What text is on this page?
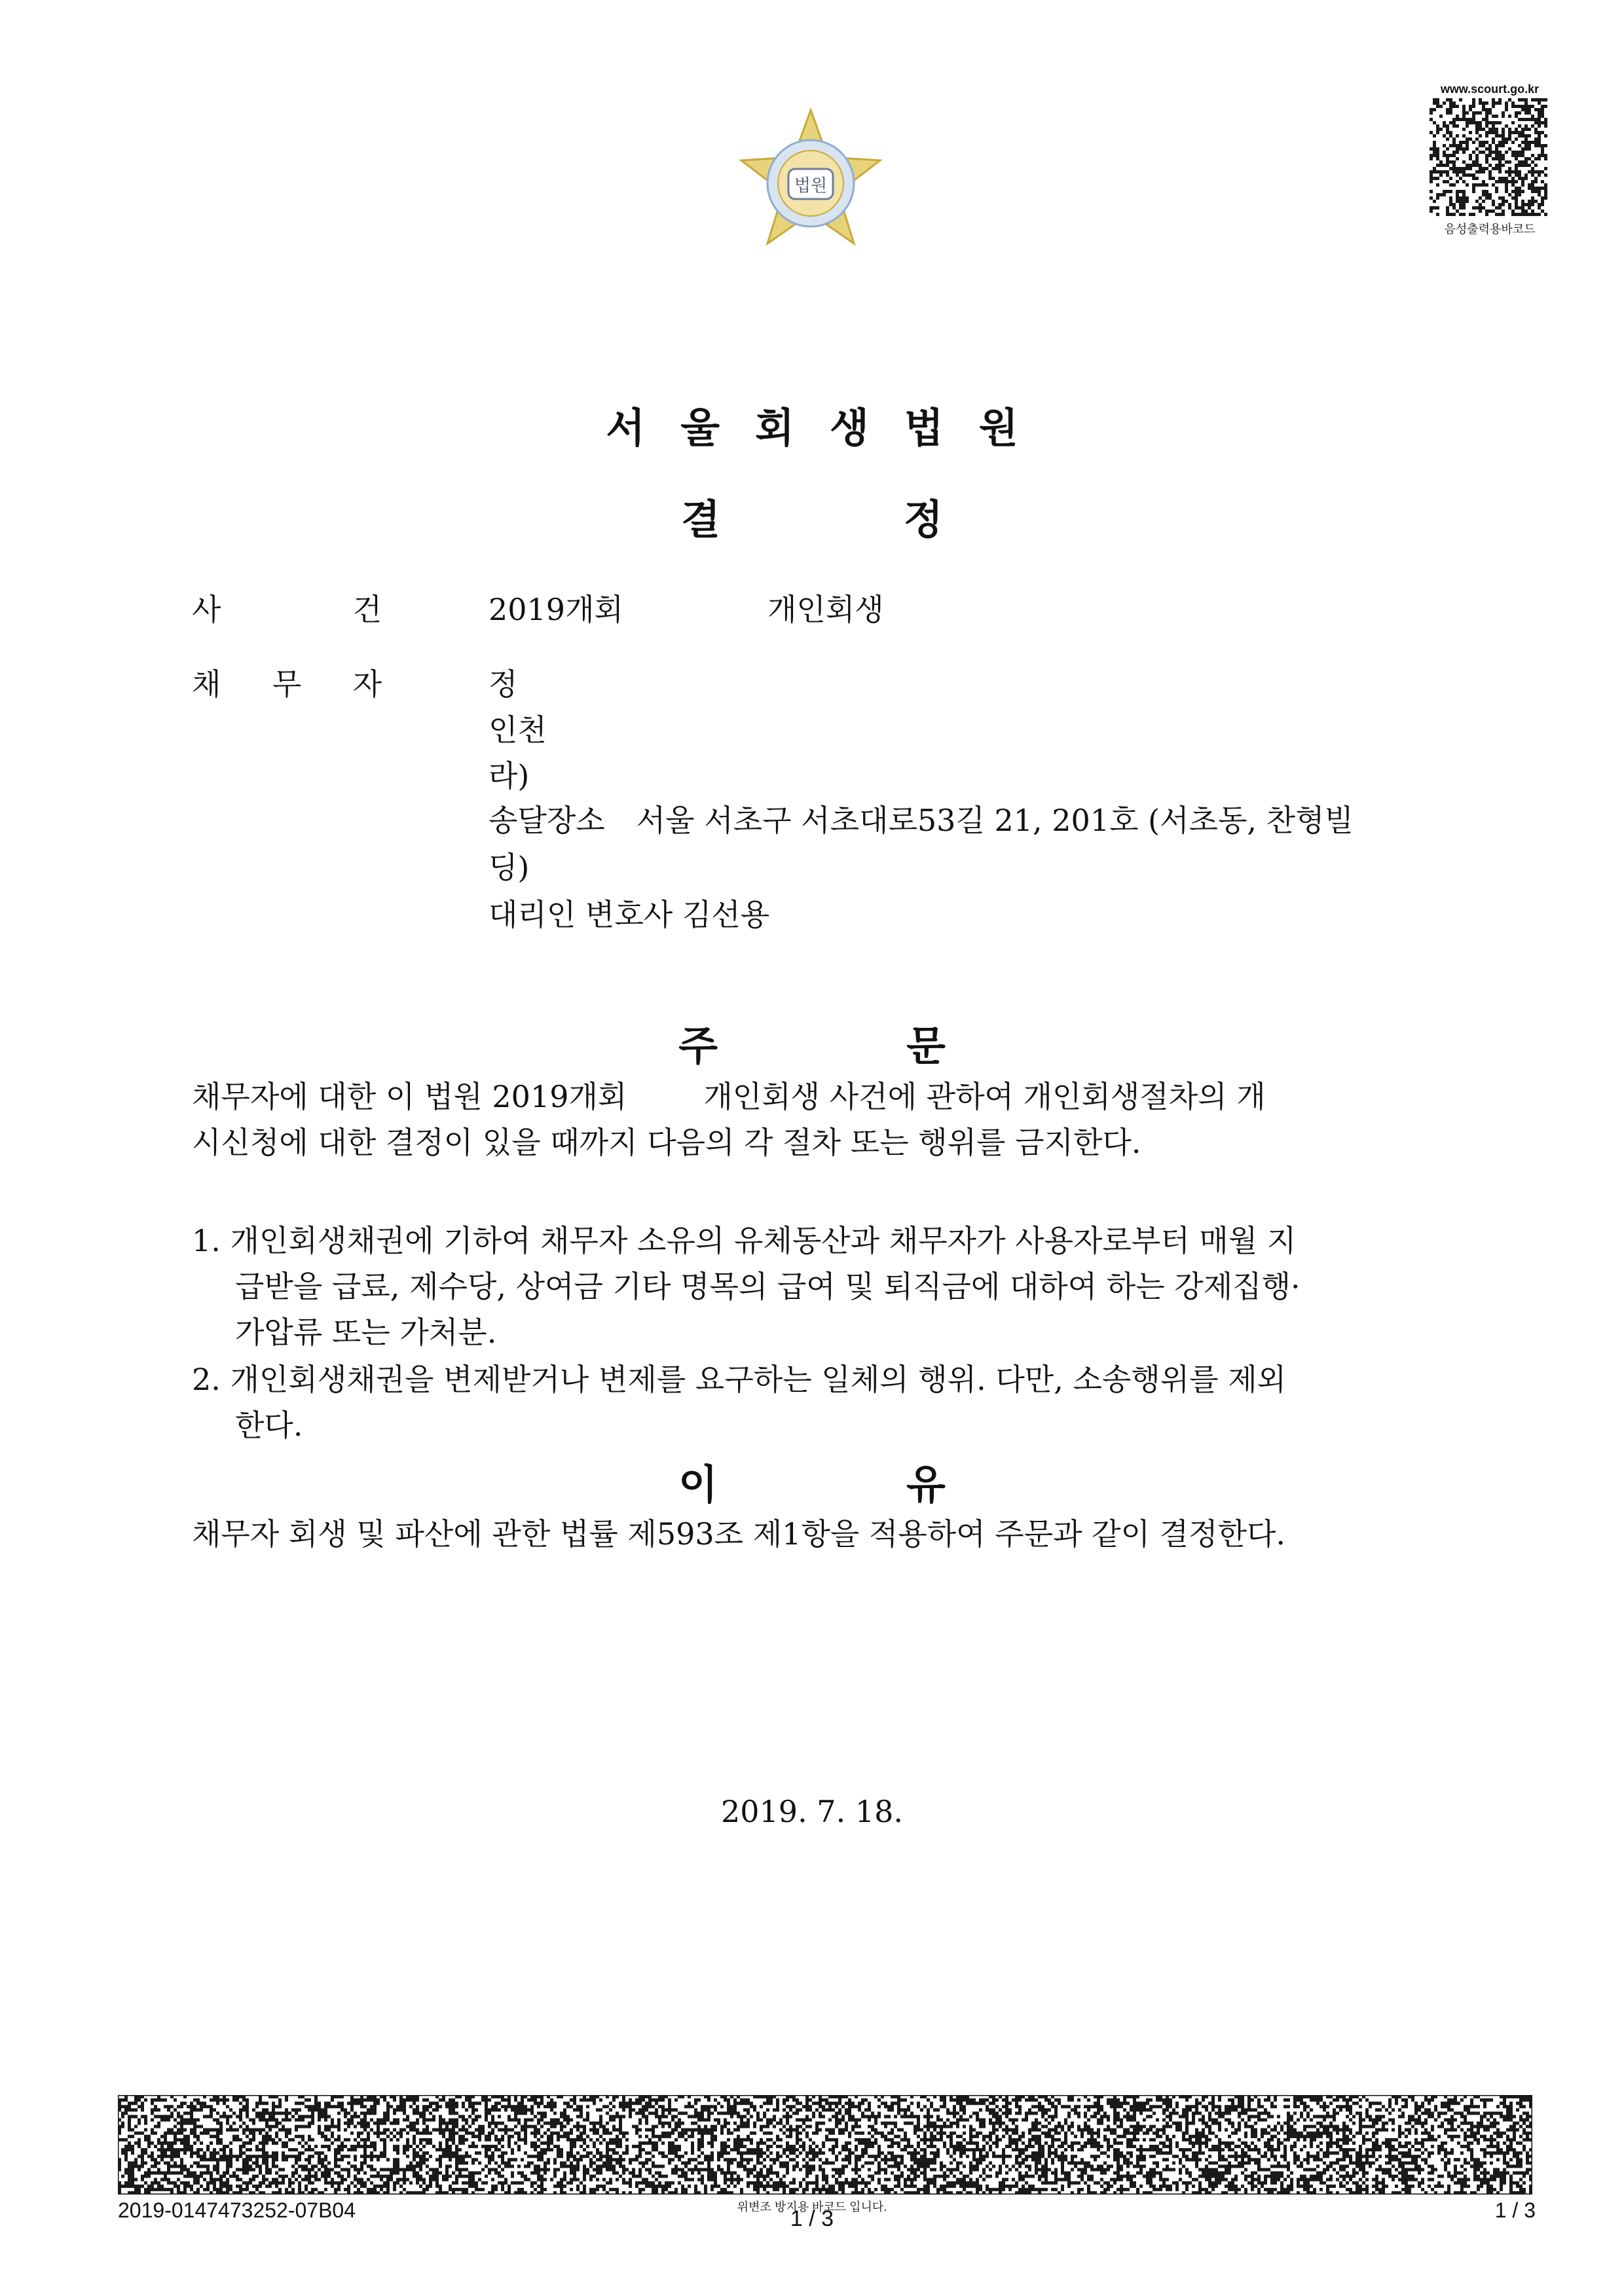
법원
www.scourt.go.kr
음성출력용바코드
서 울 회 생 법 원
결	정
사	건	2019개회	개인회생
채 무 자	정
인천
라)
송달장소 서울 서초구 서초대로53길 21, 201호 (서초동, 찬형빌
딩)
대리인 변호사 김선용
주	문
채무자에 대한 이 법원 2019개회        개인회생 사건에 관하여 개인회생절차의 개
시신청에 대한 결정이 있을 때까지 다음의 각 절차 또는 행위를 금지한다.
1. 개인회생채권에 기하여 채무자 소유의 유체동산과 채무자가 사용자로부터 매월 지
급받을 급료, 제수당, 상여금 기타 명목의 급여 및 퇴직금에 대하여 하는 강제집행·
가압류 또는 가처분.
2. 개인회생채권을 변제받거나 변제를 요구하는 일체의 행위. 다만, 소송행위를 제외
한다.
이	유
채무자 회생 및 파산에 관한 법률 제593조 제1항을 적용하여 주문과 같이 결정한다.
2019. 7. 18.
2019-0147473252-07B04	위변조 방지용 바코드 입니다.
1 / 3	1 / 3
